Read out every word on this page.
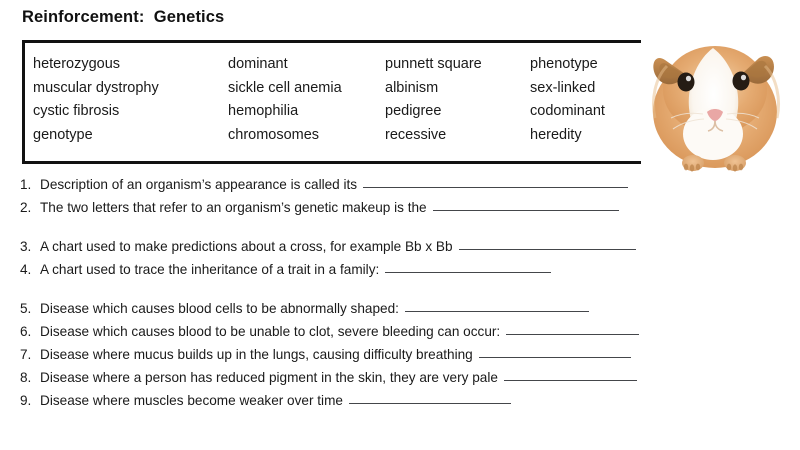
Reinforcement:  Genetics
heterozygous
muscular dystrophy
cystic fibrosis
genotype
dominant
sickle cell anemia
hemophilia
chromosomes
punnett square
albinism
pedigree
recessive
phenotype
sex-linked
codominant
heredity
1. Description of an organism’s appearance is called its
2. The two letters that refer to an organism’s genetic makeup is the
3. A chart used to make predictions about a cross, for example Bb x Bb
4. A chart used to trace the inheritance of a trait in a family:
5. Disease which causes blood cells to be abnormally shaped:
6. Disease which causes blood to be unable to clot, severe bleeding can occur:
7. Disease where mucus builds up in the lungs, causing difficulty breathing
8. Disease where a person has reduced pigment in the skin, they are very pale
9. Disease where muscles become weaker over time
